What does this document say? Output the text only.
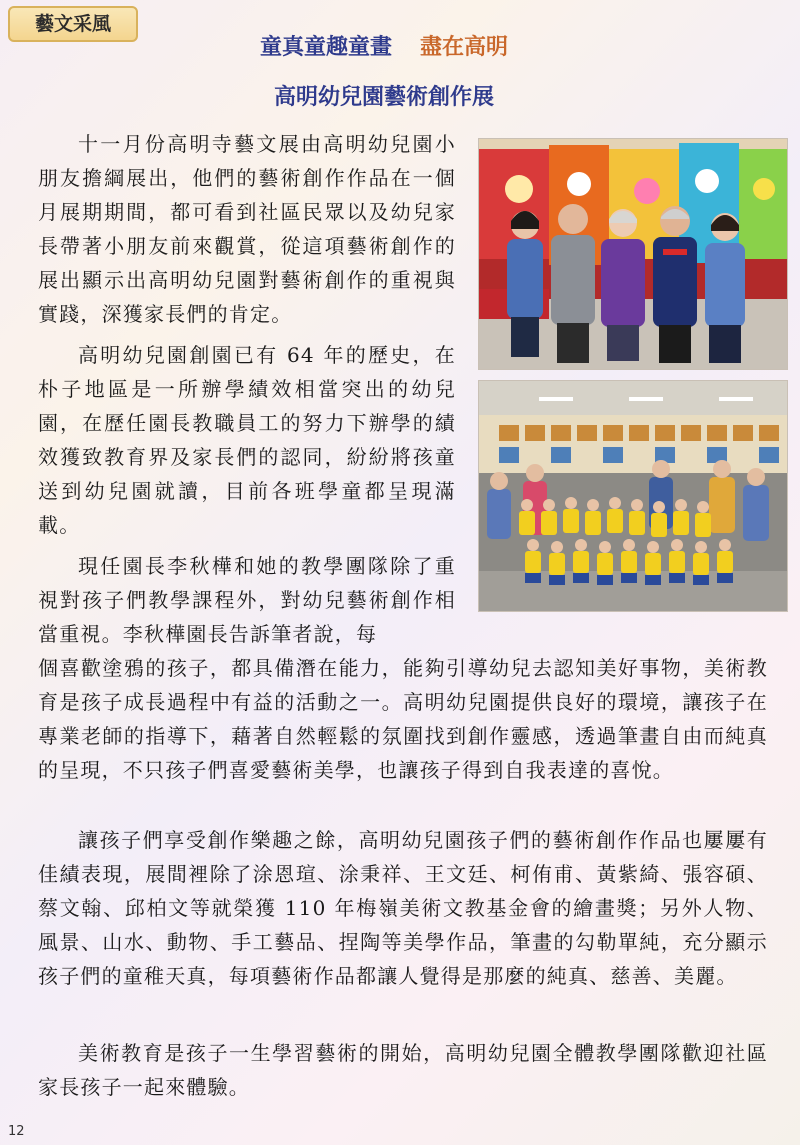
藝文采風
童真童趣童畫 盡在高明
高明幼兒園藝術創作展

十一月份高明寺藝文展由高明幼兒園小朋友擔綱展出，他們的藝術創作作品在一個月展期期間，都可看到社區民眾以及幼兒家長帶著小朋友前來觀賞，從這項藝術創作的展出顯示出高明幼兒園對藝術創作的重視與實踐，深獲家長們的肯定。

高明幼兒園創園已有 64 年的歷史，在朴子地區是一所辦學績效相當突出的幼兒園，在歷任園長教職員工的努力下辦學的績效獲致教育界及家長們的認同，紛紛將孩童送到幼兒園就讀，目前各班學童都呈現滿載。

現任園長李秋樺和她的教學團隊除了重視對孩子們教學課程外，對幼兒藝術創作相當重視。李秋樺園長告訴筆者說，每

個喜歡塗鴉的孩子，都具備潛在能力，能夠引導幼兒去認知美好事物，美術教育是孩子成長過程中有益的活動之一。高明幼兒園提供良好的環境，讓孩子在專業老師的指導下，藉著自然輕鬆的氛圍找到創作靈感，透過筆畫自由而純真的呈現，不只孩子們喜愛藝術美學，也讓孩子得到自我表達的喜悅。

讓孩子們享受創作樂趣之餘，高明幼兒園孩子們的藝術創作作品也屢屢有佳績表現，展間裡除了涂恩瑄、涂秉祥、王文廷、柯侑甫、黃紫綺、張容碩、蔡文翰、邱柏文等就榮獲 110 年梅嶺美術文教基金會的繪畫獎；另外人物、風景、山水、動物、手工藝品、捏陶等美學作品，筆畫的勾勒單純，充分顯示孩子們的童稚天真，每項藝術作品都讓人覺得是那麼的純真、慈善、美麗。

美術教育是孩子一生學習藝術的開始，高明幼兒園全體教學團隊歡迎社區家長孩子一起來體驗。

12
